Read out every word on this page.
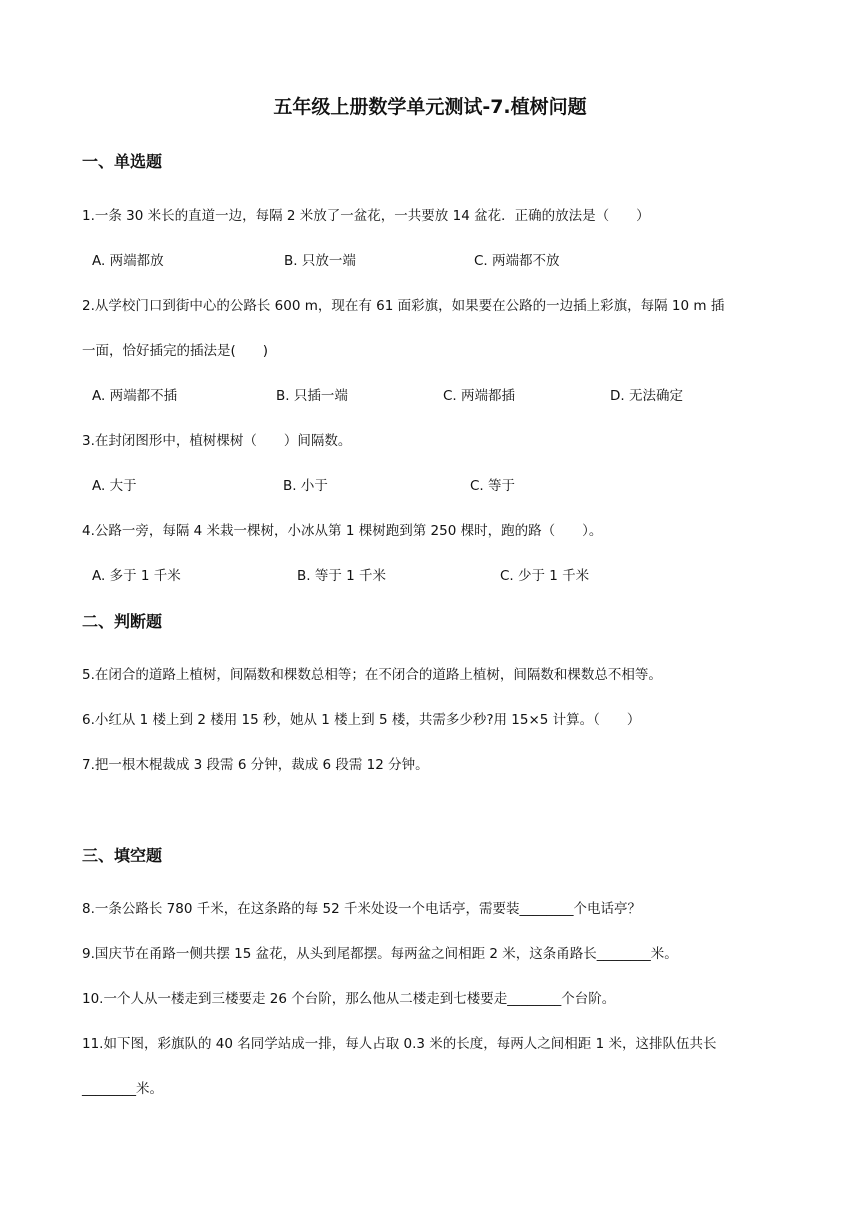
五年级上册数学单元测试-7.植树问题
一、单选题
1.一条 30 米长的直道一边，每隔 2 米放了一盆花，一共要放 14 盆花．正确的放法是（　　）
A. 两端都放	B. 只放一端	C. 两端都不放
2.从学校门口到街中心的公路长 600 m，现在有 61 面彩旗，如果要在公路的一边插上彩旗，每隔 10 m 插
一面，恰好插完的插法是(　　)
A. 两端都不插	B. 只插一端	C. 两端都插	D. 无法确定
3.在封闭图形中，植树棵树（　　）间隔数。
A. 大于	B. 小于	C. 等于
4.公路一旁，每隔 4 米栽一棵树，小冰从第 1 棵树跑到第 250 棵时，跑的路（　　）。
A. 多于 1 千米	B. 等于 1 千米	C. 少于 1 千米
二、判断题
5.在闭合的道路上植树，间隔数和棵数总相等；在不闭合的道路上植树，间隔数和棵数总不相等。
6.小红从 1 楼上到 2 楼用 15 秒，她从 1 楼上到 5 楼，共需多少秒?用 15×5 计算。（　　）
7.把一根木棍裁成 3 段需 6 分钟，裁成 6 段需 12 分钟。
三、填空题
8.一条公路长 780 千米，在这条路的每 52 千米处设一个电话亭，需要装________个电话亭？
9.国庆节在甬路一侧共摆 15 盆花，从头到尾都摆。每两盆之间相距 2 米，这条甬路长________米。
10.一个人从一楼走到三楼要走 26 个台阶，那么他从二楼走到七楼要走________个台阶。
11.如下图，彩旗队的 40 名同学站成一排，每人占取 0.3 米的长度，每两人之间相距 1 米，这排队伍共长
________米。
